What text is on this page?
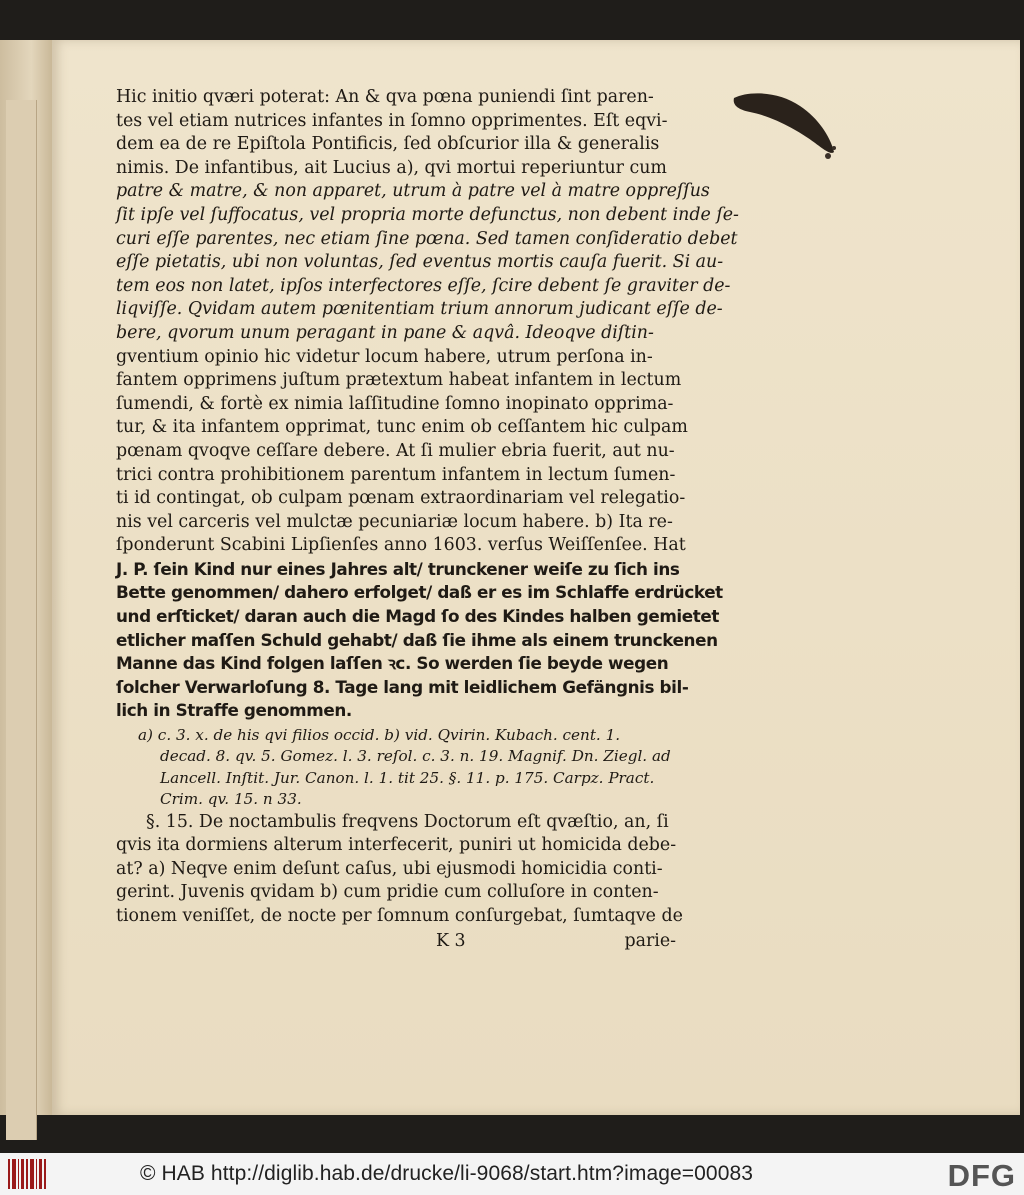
Hic initio qværi poterat: An & qva pœna puniendi ſint paren-
tes vel etiam nutrices infantes in ſomno opprimentes. Eſt eqvi-
dem ea de re Epiſtola Pontificis, ſed obſcurior illa & generalis
nimis. De infantibus, ait Lucius a), qvi mortui reperiuntur cum
patre & matre, & non apparet, utrum à patre vel à matre oppreſſus
ſit ipſe vel ſuffocatus, vel propria morte defunctus, non debent inde ſe-
curi eſſe parentes, nec etiam ſine pœna. Sed tamen conſideratio debet
eſſe pietatis, ubi non voluntas, ſed eventus mortis cauſa fuerit. Si au-
tem eos non latet, ipſos interfectores eſſe, ſcire debent ſe graviter de-
liqviſſe. Qvidam autem pœnitentiam trium annorum judicant eſſe de-
bere, qvorum unum peragant in pane & aqvâ. Ideoqve diſtin-
gventium opinio hic videtur locum habere, utrum perſona in-
fantem opprimens juſtum prætextum habeat infantem in lectum
ſumendi, & fortè ex nimia laſſitudine ſomno inopinato opprima-
tur, & ita infantem opprimat, tunc enim ob ceſſantem hic culpam
pœnam qvoqve ceſſare debere. At ſi mulier ebria fuerit, aut nu-
trici contra prohibitionem parentum infantem in lectum ſumen-
ti id contingat, ob culpam pœnam extraordinariam vel relegatio-
nis vel carceris vel mulctæ pecuniariæ locum habere. b) Ita re-
ſponderunt Scabini Lipſienſes anno 1603. verſus Weiſſenſee. Hat
J. P. ſein Kind nur eines Jahres alt/ trunckener weiſe zu ſich ins
Bette genommen/ dahero erfolget/ daß er es im Schlaffe erdrücket
und erſticket/ daran auch die Magd ſo des Kindes halben gemietet
etlicher maſſen Schuld gehabt/ daß ſie ihme als einem trunckenen
Manne das Kind folgen laſſen ꝛc. So werden ſie beyde wegen
ſolcher Verwarloſung 8. Tage lang mit leidlichem Gefängnis bil-
lich in Straffe genommen.
a) c. 3. x. de his qvi filios occid. b) vid. Qvirin. Kubach. cent. 1.
decad. 8. qv. 5. Gomez. l. 3. reſol. c. 3. n. 19. Magnif. Dn. Ziegl. ad
Lancell. Inſtit. Jur. Canon. l. 1. tit 25. §. 11. p. 175. Carpz. Pract.
Crim. qv. 15. n 33.
§. 15. De noctambulis freqvens Doctorum eſt qvæſtio, an, ſi
qvis ita dormiens alterum interfecerit, puniri ut homicida debe-
at? a) Neqve enim deſunt caſus, ubi ejusmodi homicidia conti-
gerint. Juvenis qvidam b) cum pridie cum colluſore in conten-
tionem veniſſet, de nocte per ſomnum conſurgebat, ſumtaqve de
K 3	parie-
© HAB http://diglib.hab.de/drucke/li-9068/start.htm?image=00083	DFG
